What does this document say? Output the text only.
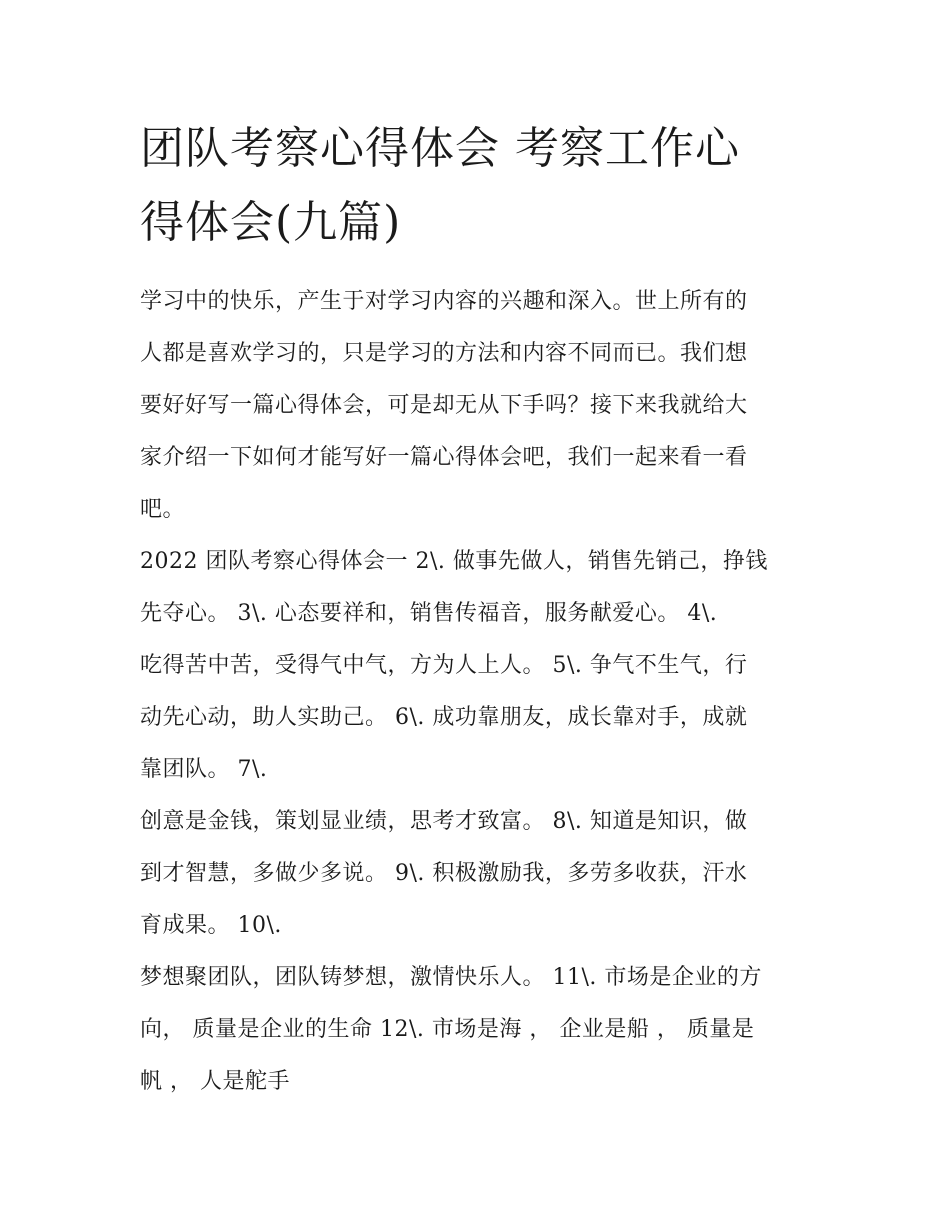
团队考察心得体会 考察工作心
得体会(九篇)

学习中的快乐，产生于对学习内容的兴趣和深入。世上所有的
人都是喜欢学习的，只是学习的方法和内容不同而已。我们想
要好好写一篇心得体会，可是却无从下手吗？接下来我就给大
家介绍一下如何才能写好一篇心得体会吧，我们一起来看一看
吧。

2022 团队考察心得体会一 2\. 做事先做人，销售先销己，挣钱
先夺心。 3\. 心态要祥和，销售传福音，服务献爱心。 4\.

吃得苦中苦，受得气中气，方为人上人。 5\. 争气不生气，行
动先心动，助人实助己。 6\. 成功靠朋友，成长靠对手，成就
靠团队。 7\.

创意是金钱，策划显业绩，思考才致富。 8\. 知道是知识，做
到才智慧，多做少多说。 9\. 积极激励我，多劳多收获，汗水
育成果。 10\.

梦想聚团队，团队铸梦想，激情快乐人。 11\. 市场是企业的方
向， 质量是企业的生命 12\. 市场是海 ， 企业是船 ， 质量是
帆 ， 人是舵手
